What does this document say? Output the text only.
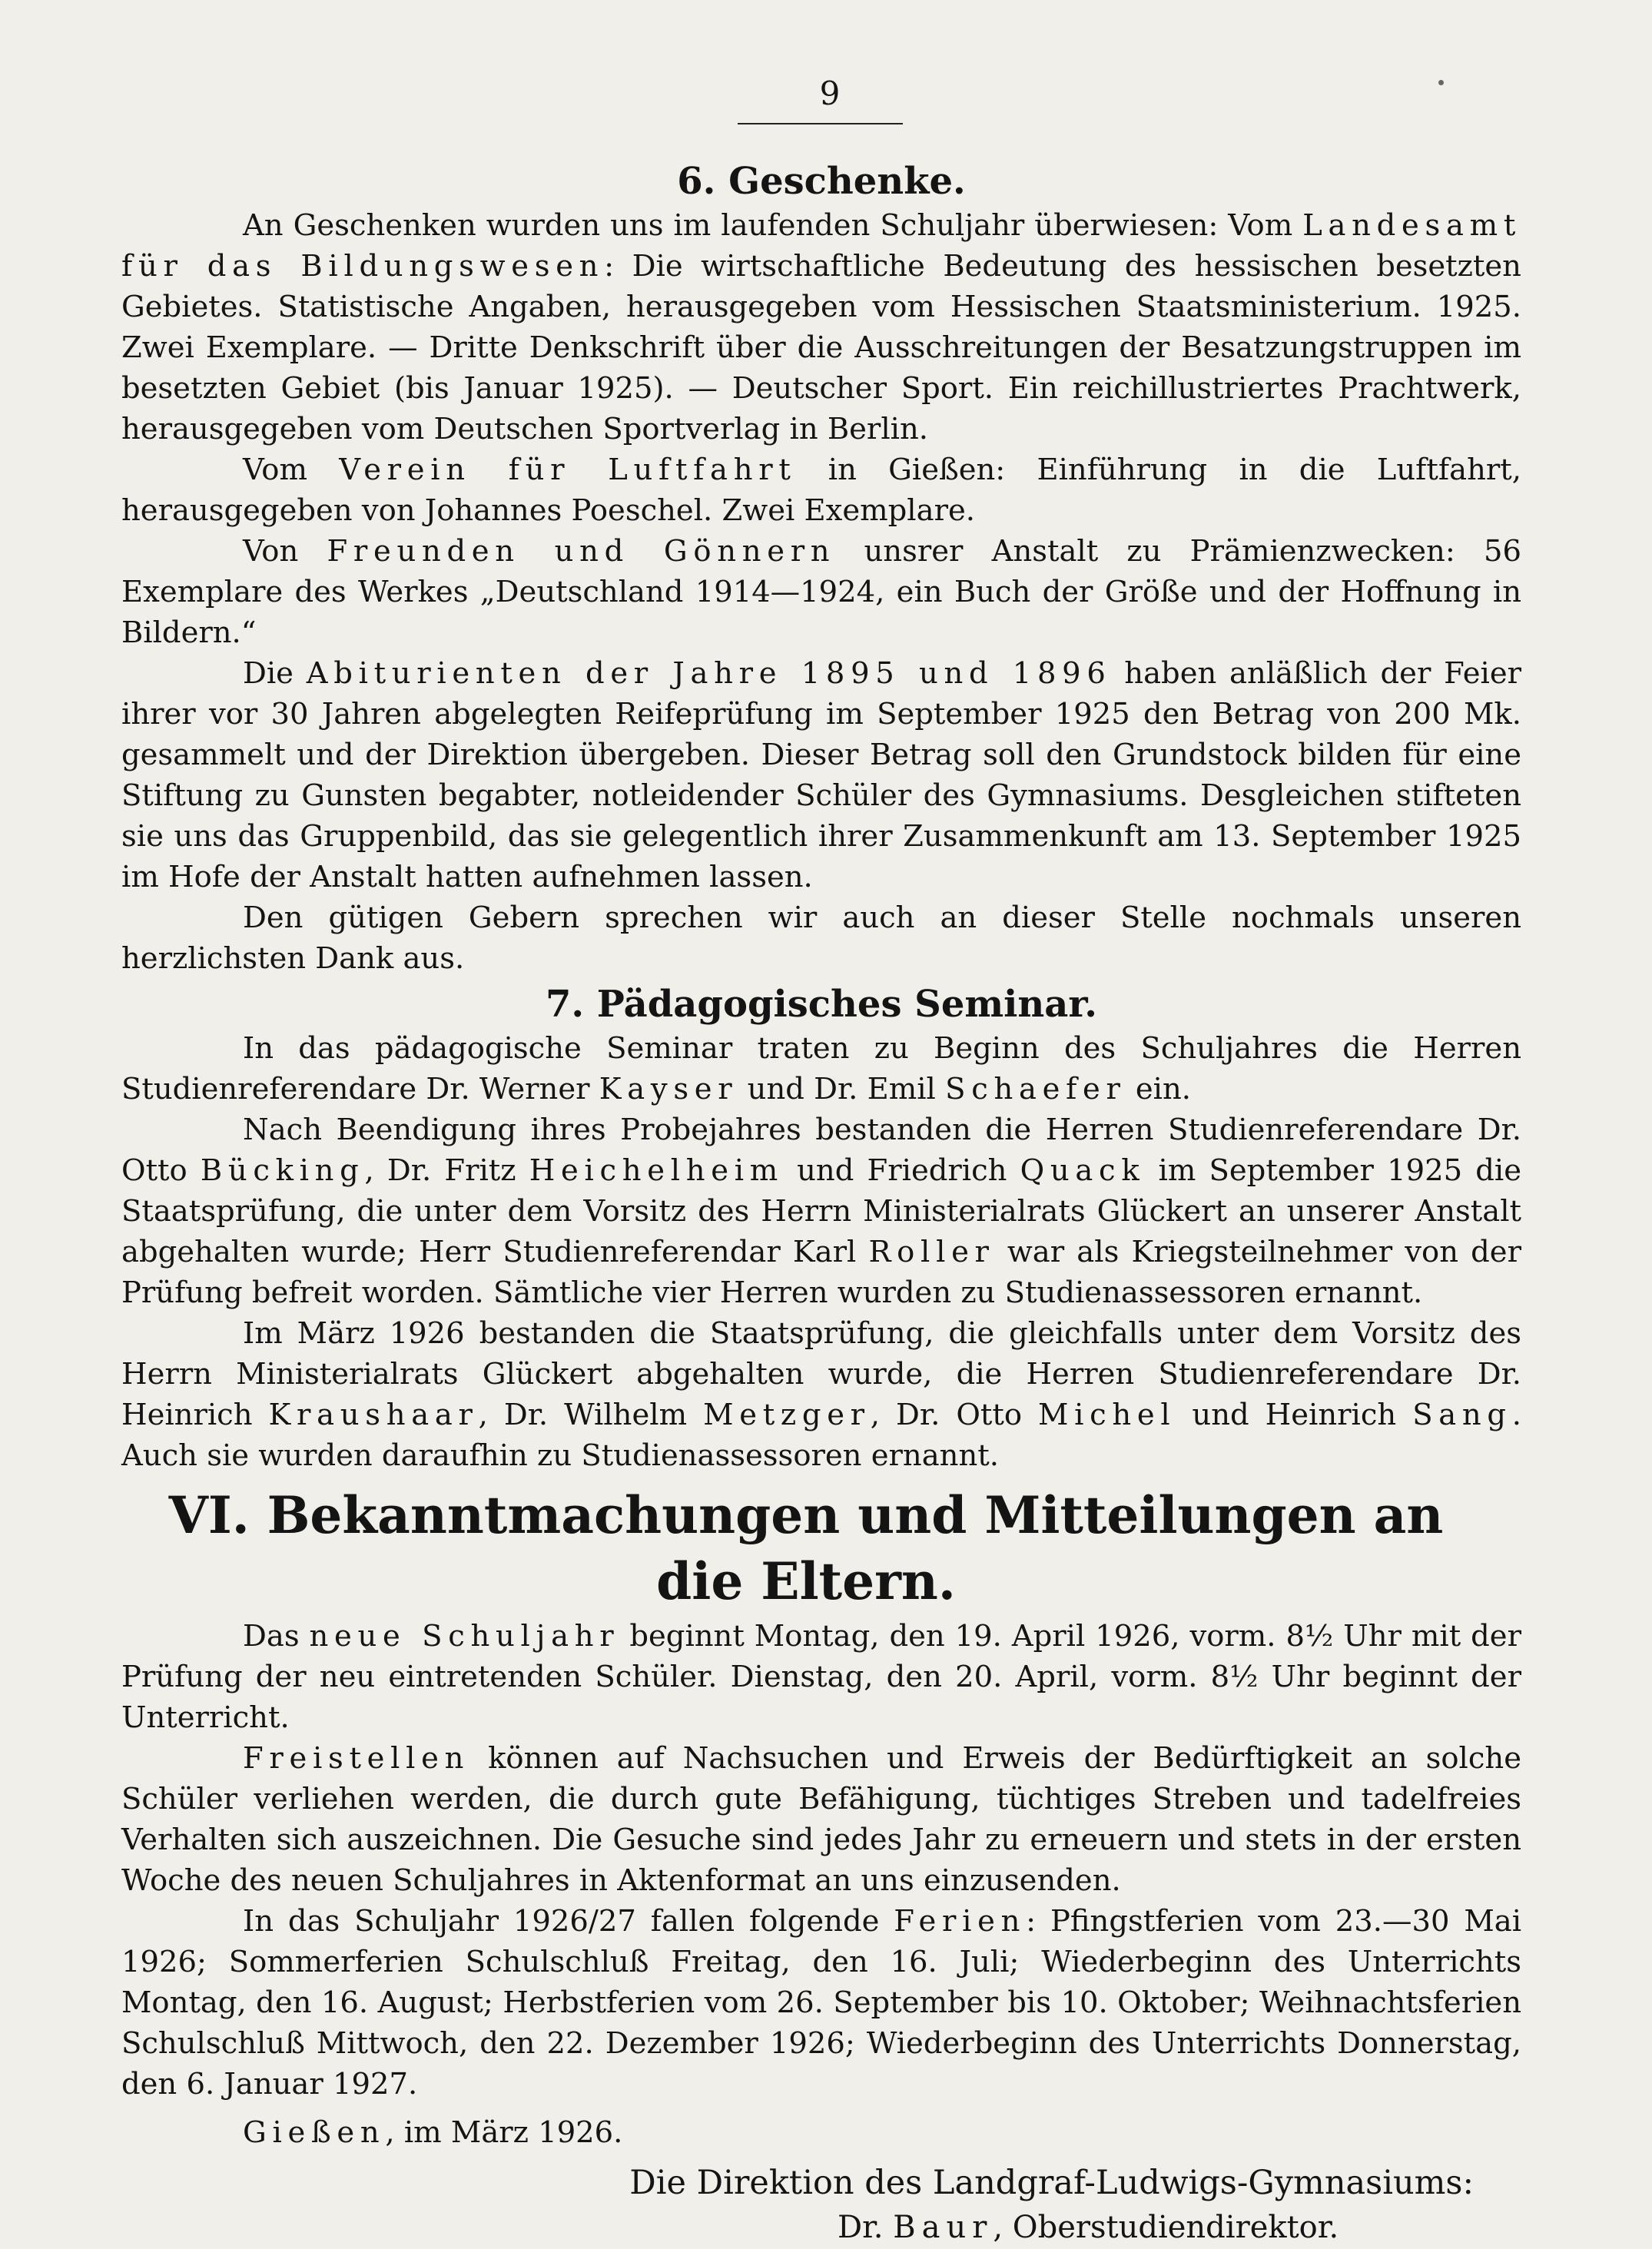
9
6. Geschenke.

An Geschenken wurden uns im laufenden Schuljahr überwiesen: Vom Landesamt für das Bildungswesen: Die wirtschaftliche Bedeutung des hessischen besetzten Gebietes. Statistische Angaben, herausgegeben vom Hessischen Staatsministerium. 1925. Zwei Exemplare. — Dritte Denkschrift über die Ausschreitungen der Besatzungstruppen im besetzten Gebiet (bis Januar 1925). — Deutscher Sport. Ein reichillustriertes Prachtwerk, herausgegeben vom Deutschen Sportverlag in Berlin.

Vom Verein für Luftfahrt in Gießen: Einführung in die Luftfahrt, herausgegeben von Johannes Poeschel. Zwei Exemplare.

Von Freunden und Gönnern unsrer Anstalt zu Prämienzwecken: 56 Exemplare des Werkes „Deutschland 1914—1924, ein Buch der Größe und der Hoffnung in Bildern.“

Die Abiturienten der Jahre 1895 und 1896 haben anläßlich der Feier ihrer vor 30 Jahren abgelegten Reifeprüfung im September 1925 den Betrag von 200 Mk. gesammelt und der Direktion übergeben. Dieser Betrag soll den Grundstock bilden für eine Stiftung zu Gunsten begabter, notleidender Schüler des Gymnasiums. Desgleichen stifteten sie uns das Gruppenbild, das sie gelegentlich ihrer Zusammenkunft am 13. September 1925 im Hofe der Anstalt hatten aufnehmen lassen.

Den gütigen Gebern sprechen wir auch an dieser Stelle nochmals unseren herzlichsten Dank aus.

7. Pädagogisches Seminar.

In das pädagogische Seminar traten zu Beginn des Schuljahres die Herren Studienreferendare Dr. Werner Kayser und Dr. Emil Schaefer ein.

Nach Beendigung ihres Probejahres bestanden die Herren Studienreferendare Dr. Otto Bücking, Dr. Fritz Heichelheim und Friedrich Quack im September 1925 die Staatsprüfung, die unter dem Vorsitz des Herrn Ministerialrats Glückert an unserer Anstalt abgehalten wurde; Herr Studienreferendar Karl Roller war als Kriegsteilnehmer von der Prüfung befreit worden. Sämtliche vier Herren wurden zu Studienassessoren ernannt.

Im März 1926 bestanden die Staatsprüfung, die gleichfalls unter dem Vorsitz des Herrn Ministerialrats Glückert abgehalten wurde, die Herren Studienreferendare Dr. Heinrich Kraushaar, Dr. Wilhelm Metzger, Dr. Otto Michel und Heinrich Sang. Auch sie wurden daraufhin zu Studienassessoren ernannt.

VI. Bekanntmachungen und Mitteilungen an die Eltern.

Das neue Schuljahr beginnt Montag, den 19. April 1926, vorm. 8½ Uhr mit der Prüfung der neu eintretenden Schüler. Dienstag, den 20. April, vorm. 8½ Uhr beginnt der Unterricht.

Freistellen können auf Nachsuchen und Erweis der Bedürftigkeit an solche Schüler verliehen werden, die durch gute Befähigung, tüchtiges Streben und tadelfreies Verhalten sich auszeichnen. Die Gesuche sind jedes Jahr zu erneuern und stets in der ersten Woche des neuen Schuljahres in Aktenformat an uns einzusenden.

In das Schuljahr 1926/27 fallen folgende Ferien: Pfingstferien vom 23.—30 Mai 1926; Sommerferien Schulschluß Freitag, den 16. Juli; Wiederbeginn des Unterrichts Montag, den 16. August; Herbstferien vom 26. September bis 10. Oktober; Weihnachtsferien Schulschluß Mittwoch, den 22. Dezember 1926; Wiederbeginn des Unterrichts Donnerstag, den 6. Januar 1927.

Gießen, im März 1926.

Die Direktion des Landgraf-Ludwigs-Gymnasiums:
Dr. Baur, Oberstudiendirektor.
